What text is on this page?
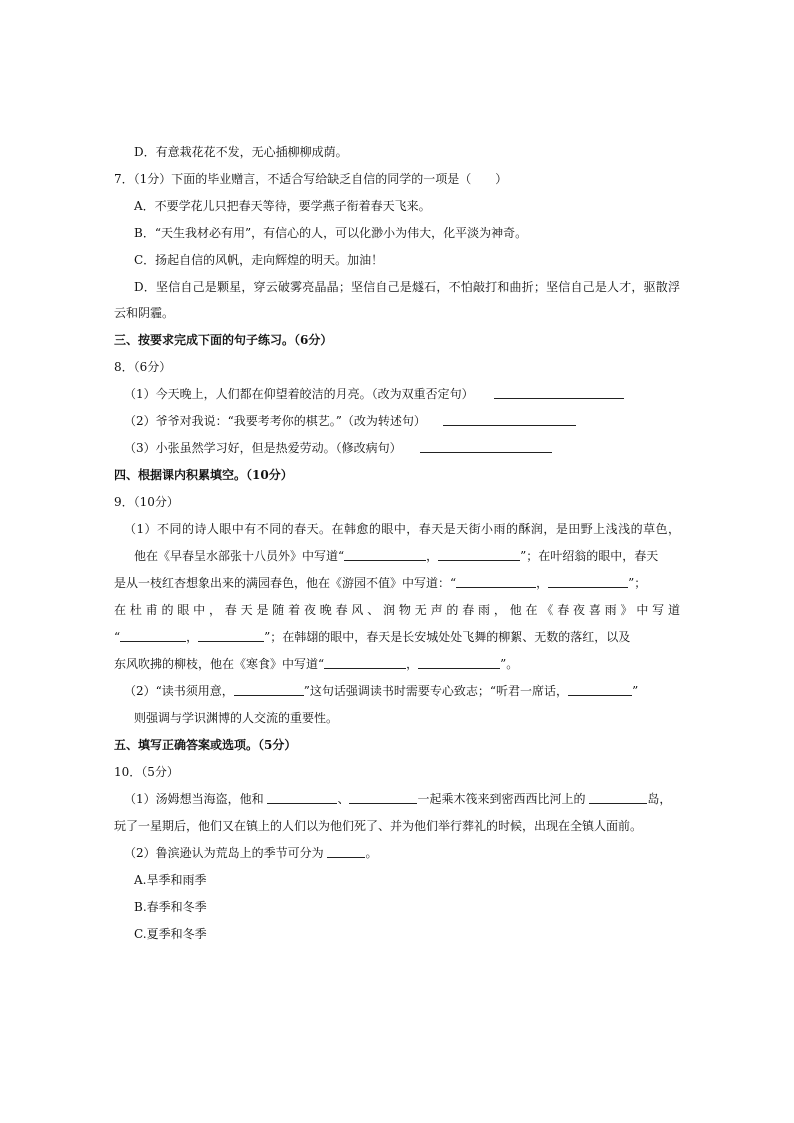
D．有意栽花花不发，无心插柳柳成荫。
7．（1分）下面的毕业赠言，不适合写给缺乏自信的同学的一项是（　　）
A．不要学花儿只把春天等待，要学燕子衔着春天飞来。
B．“天生我材必有用”，有信心的人，可以化渺小为伟大，化平淡为神奇。
C．扬起自信的风帆，走向辉煌的明天。加油！
D．坚信自己是颗星，穿云破雾亮晶晶；坚信自己是燧石，不怕敲打和曲折；坚信自己是人才，驱散浮
云和阴霾。
三、按要求完成下面的句子练习。（6分）
8．（6分）
（1）今天晚上，人们都在仰望着皎洁的月亮。（改为双重否定句）
（2）爷爷对我说：“我要考考你的棋艺。”（改为转述句）
（3）小张虽然学习好，但是热爱劳动。（修改病句）
四、根据课内积累填空。（10分）
9．（10分）
（1）不同的诗人眼中有不同的春天。在韩愈的眼中，春天是天街小雨的酥润，是田野上浅浅的草色，
他在《早春呈水部张十八员外》中写道“	，	”；在叶绍翁的眼中，春天
是从一枝红杏想象出来的满园春色，他在《游园不值》中写道：“	，	”；
在杜甫的眼中，春天是随着夜晚春风、润物无声的春雨，他在《春夜喜雨》中写道
“	，	”；在韩翃的眼中，春天是长安城处处飞舞的柳絮、无数的落红，以及
东风吹拂的柳枝，他在《寒食》中写道“	，	”。
（2）“读书须用意，	”这句话强调读书时需要专心致志；“听君一席话，	”
则强调与学识渊博的人交流的重要性。
五、填写正确答案或选项。（5分）
10．（5分）
（1）汤姆想当海盗，他和	、	一起乘木筏来到密西西比河上的	岛，
玩了一星期后，他们又在镇上的人们以为他们死了、并为他们举行葬礼的时候，出现在全镇人面前。
（2）鲁滨逊认为荒岛上的季节可分为	。
A.旱季和雨季
B.春季和冬季
C.夏季和冬季
